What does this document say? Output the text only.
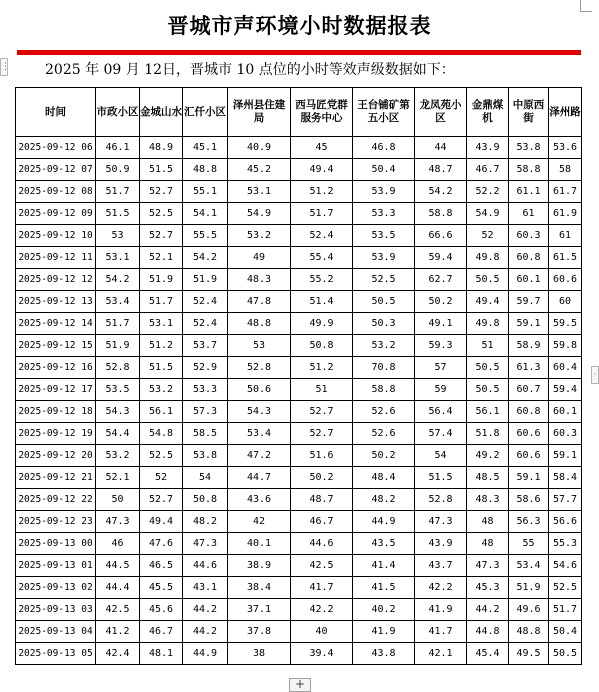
⋮
·
晋城市声环境小时数据报表
2025 年 09 月 12日，晋城市 10 点位的小时等效声级数据如下：
时间	市政小区	金城山水	汇仟小区	泽州县住建局	西马匠党群服务中心	王台铺矿第五小区	龙凤苑小区	金鼎煤机	中原西街	泽州路
2025-09-12 06	46.1	48.9	45.1	40.9	45	46.8	44	43.9	53.8	53.6
2025-09-12 07	50.9	51.5	48.8	45.2	49.4	50.4	48.7	46.7	58.8	58
2025-09-12 08	51.7	52.7	55.1	53.1	51.2	53.9	54.2	52.2	61.1	61.7
2025-09-12 09	51.5	52.5	54.1	54.9	51.7	53.3	58.8	54.9	61	61.9
2025-09-12 10	53	52.7	55.5	53.2	52.4	53.5	66.6	52	60.3	61
2025-09-12 11	53.1	52.1	54.2	49	55.4	53.9	59.4	49.8	60.8	61.5
2025-09-12 12	54.2	51.9	51.9	48.3	55.2	52.5	62.7	50.5	60.1	60.6
2025-09-12 13	53.4	51.7	52.4	47.8	51.4	50.5	50.2	49.4	59.7	60
2025-09-12 14	51.7	53.1	52.4	48.8	49.9	50.3	49.1	49.8	59.1	59.5
2025-09-12 15	51.9	51.2	53.7	53	50.8	53.2	59.3	51	58.9	59.8
2025-09-12 16	52.8	51.5	52.9	52.8	51.2	70.8	57	50.5	61.3	60.4
2025-09-12 17	53.5	53.2	53.3	50.6	51	58.8	59	50.5	60.7	59.4
2025-09-12 18	54.3	56.1	57.3	54.3	52.7	52.6	56.4	56.1	60.8	60.1
2025-09-12 19	54.4	54.8	58.5	53.4	52.7	52.6	57.4	51.8	60.6	60.3
2025-09-12 20	53.2	52.5	53.8	47.2	51.6	50.2	54	49.2	60.6	59.1
2025-09-12 21	52.1	52	54	44.7	50.2	48.4	51.5	48.5	59.1	58.4
2025-09-12 22	50	52.7	50.8	43.6	48.7	48.2	52.8	48.3	58.6	57.7
2025-09-12 23	47.3	49.4	48.2	42	46.7	44.9	47.3	48	56.3	56.6
2025-09-13 00	46	47.6	47.3	40.1	44.6	43.5	43.9	48	55	55.3
2025-09-13 01	44.5	46.5	44.6	38.9	42.5	41.4	43.7	47.3	53.4	54.6
2025-09-13 02	44.4	45.5	43.1	38.4	41.7	41.5	42.2	45.3	51.9	52.5
2025-09-13 03	42.5	45.6	44.2	37.1	42.2	40.2	41.9	44.2	49.6	51.7
2025-09-13 04	41.2	46.7	44.2	37.8	40	41.9	41.7	44.8	48.8	50.4
2025-09-13 05	42.4	48.1	44.9	38	39.4	43.8	42.1	45.4	49.5	50.5
+
